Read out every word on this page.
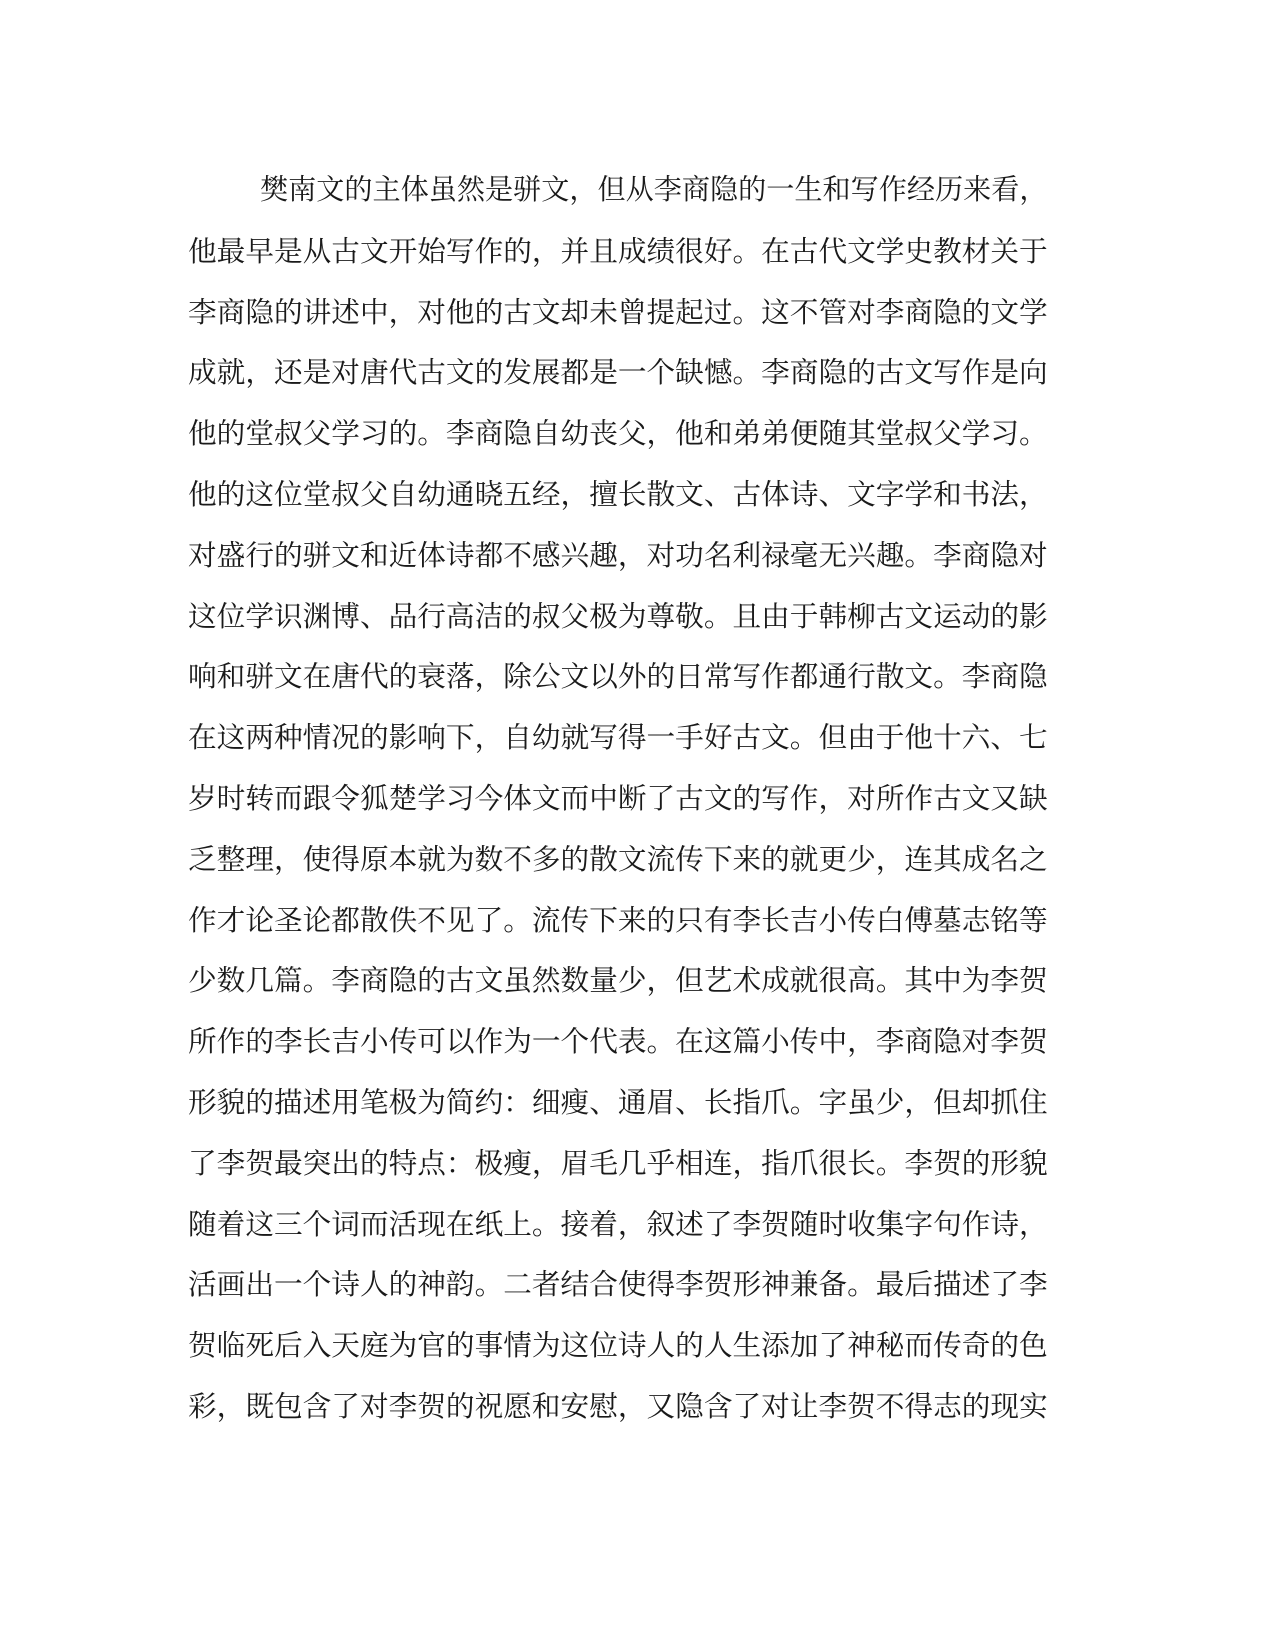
樊南文的主体虽然是骈文，但从李商隐的一生和写作经历来看，
他最早是从古文开始写作的，并且成绩很好。在古代文学史教材关于
李商隐的讲述中，对他的古文却未曾提起过。这不管对李商隐的文学
成就，还是对唐代古文的发展都是一个缺憾。李商隐的古文写作是向
他的堂叔父学习的。李商隐自幼丧父，他和弟弟便随其堂叔父学习。
他的这位堂叔父自幼通晓五经，擅长散文、古体诗、文字学和书法，
对盛行的骈文和近体诗都不感兴趣，对功名利禄毫无兴趣。李商隐对
这位学识渊博、品行高洁的叔父极为尊敬。且由于韩柳古文运动的影
响和骈文在唐代的衰落，除公文以外的日常写作都通行散文。李商隐
在这两种情况的影响下，自幼就写得一手好古文。但由于他十六、七
岁时转而跟令狐楚学习今体文而中断了古文的写作，对所作古文又缺
乏整理，使得原本就为数不多的散文流传下来的就更少，连其成名之
作才论圣论都散佚不见了。流传下来的只有李长吉小传白傅墓志铭等
少数几篇。李商隐的古文虽然数量少，但艺术成就很高。其中为李贺
所作的李长吉小传可以作为一个代表。在这篇小传中，李商隐对李贺
形貌的描述用笔极为简约：细瘦、通眉、长指爪。字虽少，但却抓住
了李贺最突出的特点：极瘦，眉毛几乎相连，指爪很长。李贺的形貌
随着这三个词而活现在纸上。接着，叙述了李贺随时收集字句作诗，
活画出一个诗人的神韵。二者结合使得李贺形神兼备。最后描述了李
贺临死后入天庭为官的事情为这位诗人的人生添加了神秘而传奇的色
彩，既包含了对李贺的祝愿和安慰，又隐含了对让李贺不得志的现实
